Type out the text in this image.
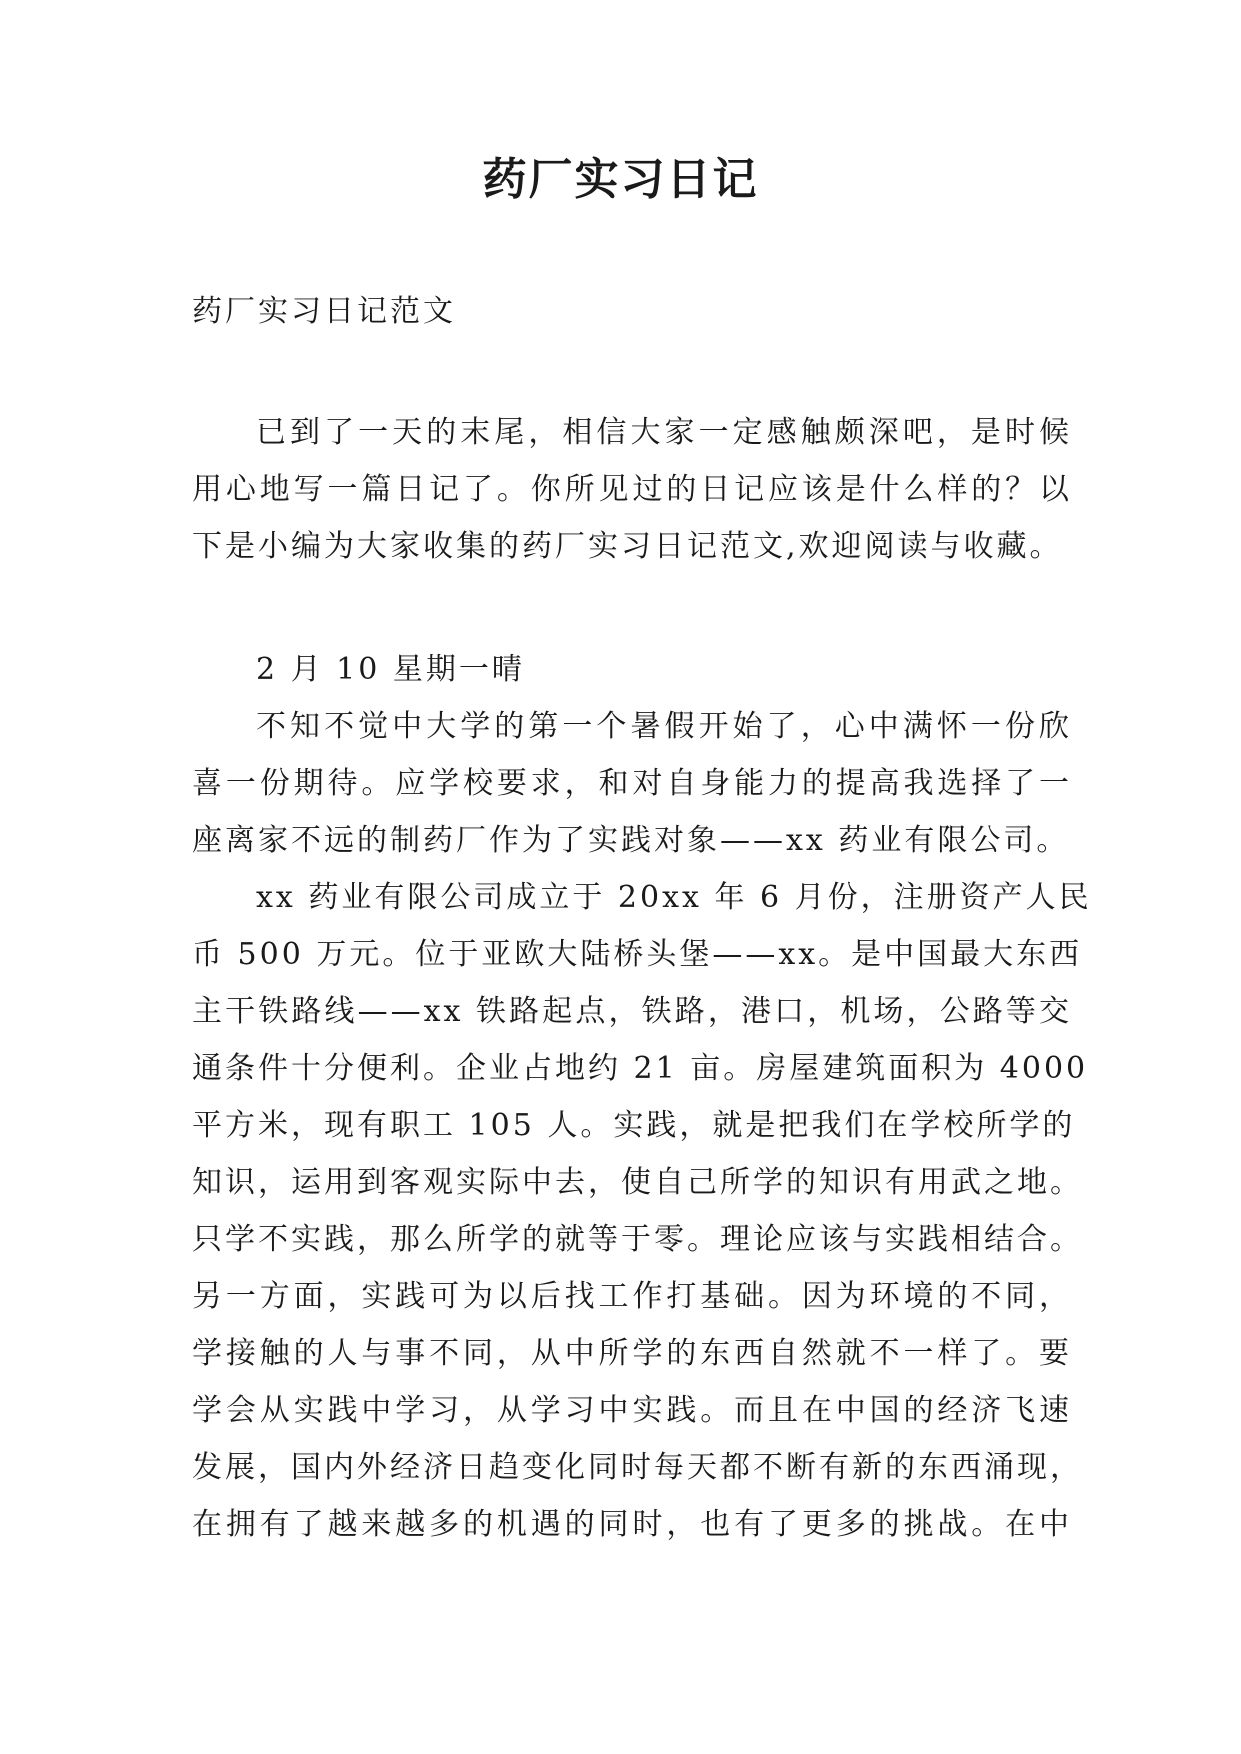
药厂实习日记

药厂实习日记范文

已到了一天的末尾，相信大家一定感触颇深吧，是时候
用心地写一篇日记了。你所见过的日记应该是什么样的？以
下是小编为大家收集的药厂实习日记范文,欢迎阅读与收藏。
2 月 10 星期一晴
不知不觉中大学的第一个暑假开始了，心中满怀一份欣
喜一份期待。应学校要求，和对自身能力的提高我选择了一
座离家不远的制药厂作为了实践对象——xx 药业有限公司。
xx 药业有限公司成立于 20xx 年 6 月份，注册资产人民
币 500 万元。位于亚欧大陆桥头堡——xx。是中国最大东西
主干铁路线——xx 铁路起点，铁路，港口，机场，公路等交
通条件十分便利。企业占地约 21 亩。房屋建筑面积为 4000
平方米，现有职工 105 人。实践，就是把我们在学校所学的
知识，运用到客观实际中去，使自己所学的知识有用武之地。
只学不实践，那么所学的就等于零。理论应该与实践相结合。
另一方面，实践可为以后找工作打基础。因为环境的不同，
学接触的人与事不同，从中所学的东西自然就不一样了。要
学会从实践中学习，从学习中实践。而且在中国的经济飞速
发展，国内外经济日趋变化同时每天都不断有新的东西涌现，
在拥有了越来越多的机遇的同时，也有了更多的挑战。在中
